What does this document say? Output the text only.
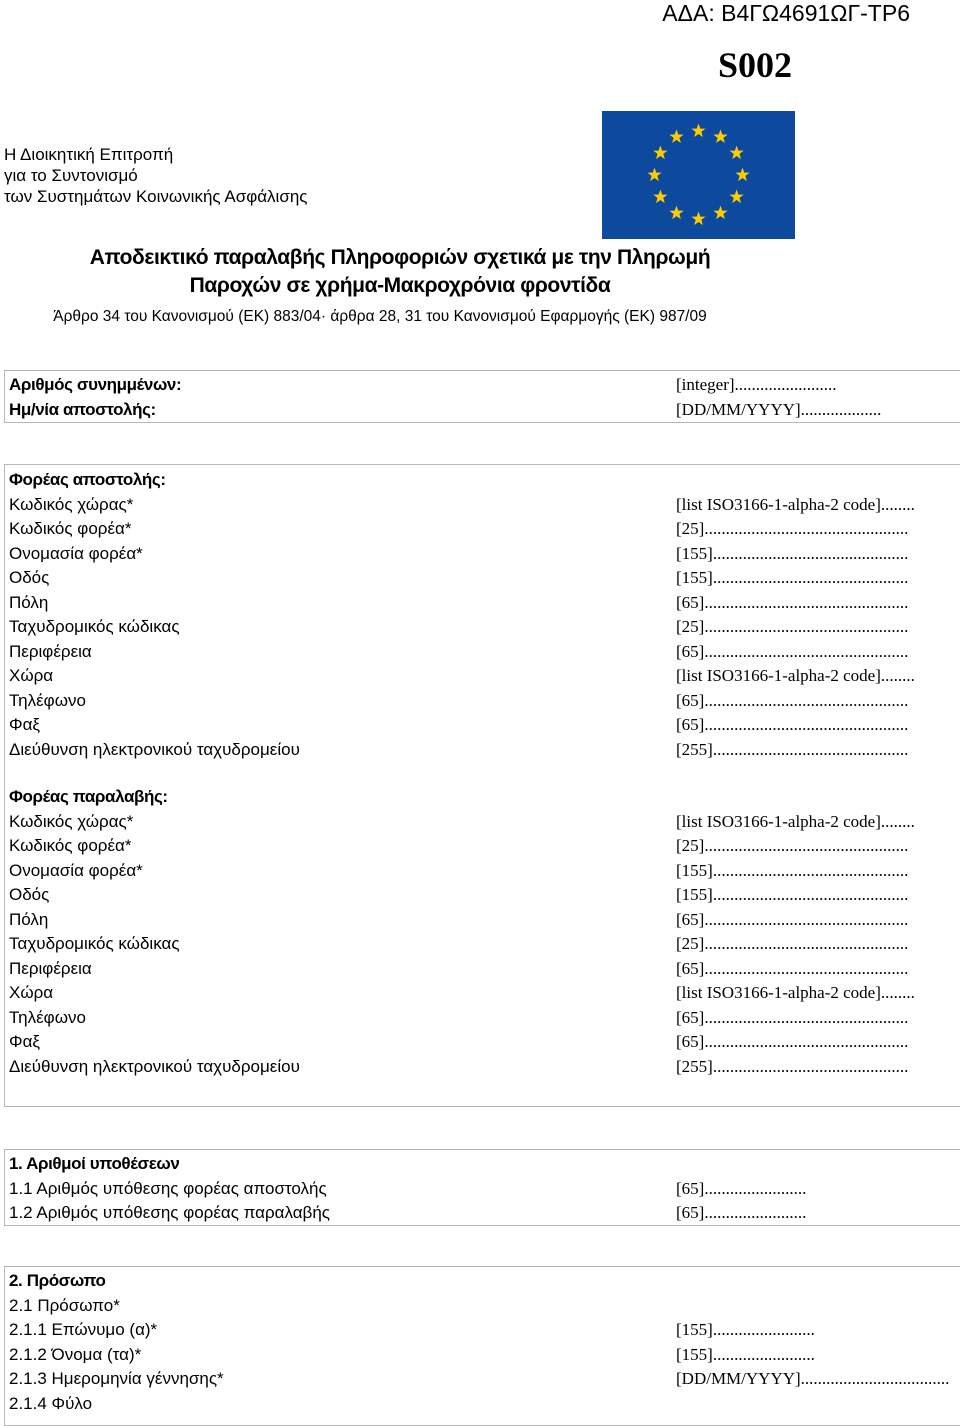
ΑΔΑ: Β4ΓΩ4691ΩΓ-ΤΡ6
S002
Η Διοικητική Επιτροπή
για το Συντονισμό
των Συστημάτων Κοινωνικής Ασφάλισης
Αποδεικτικό παραλαβής Πληροφοριών σχετικά με την Πληρωμή
Παροχών σε χρήμα-Μακροχρόνια φροντίδα
Άρθρο 34 του Κανονισμού (ΕΚ) 883/04· άρθρα 28, 31 του Κανονισμού Εφαρμογής (ΕΚ) 987/09
Αριθμός συνημμένων:	[integer]........................
Ημ/νία αποστολής:	[DD/MM/YYYY]...................
Φορέας αποστολής:
Κωδικός χώρας*	[list ISO3166-1-alpha-2 code]........
Κωδικός φορέα*	[25]................................................
Ονομασία φορέα*	[155]..............................................
Οδός	[155]..............................................
Πόλη	[65]................................................
Ταχυδρομικός κώδικας	[25]................................................
Περιφέρεια	[65]................................................
Χώρα	[list ISO3166-1-alpha-2 code]........
Τηλέφωνο	[65]................................................
Φαξ	[65]................................................
Διεύθυνση ηλεκτρονικού ταχυδρομείου	[255]..............................................
Φορέας παραλαβής:
Κωδικός χώρας*	[list ISO3166-1-alpha-2 code]........
Κωδικός φορέα*	[25]................................................
Ονομασία φορέα*	[155]..............................................
Οδός	[155]..............................................
Πόλη	[65]................................................
Ταχυδρομικός κώδικας	[25]................................................
Περιφέρεια	[65]................................................
Χώρα	[list ISO3166-1-alpha-2 code]........
Τηλέφωνο	[65]................................................
Φαξ	[65]................................................
Διεύθυνση ηλεκτρονικού ταχυδρομείου	[255]..............................................
1. Αριθμοί υποθέσεων
1.1 Αριθμός υπόθεσης φορέας αποστολής	[65]........................
1.2 Αριθμός υπόθεσης φορέας παραλαβής	[65]........................
2. Πρόσωπο
2.1 Πρόσωπο*
2.1.1 Επώνυμο (α)*	[155]........................
2.1.2 Όνομα (τα)*	[155]........................
2.1.3 Ημερομηνία γέννησης*	[DD/MM/YYYY]...................................
2.1.4 Φύλο
